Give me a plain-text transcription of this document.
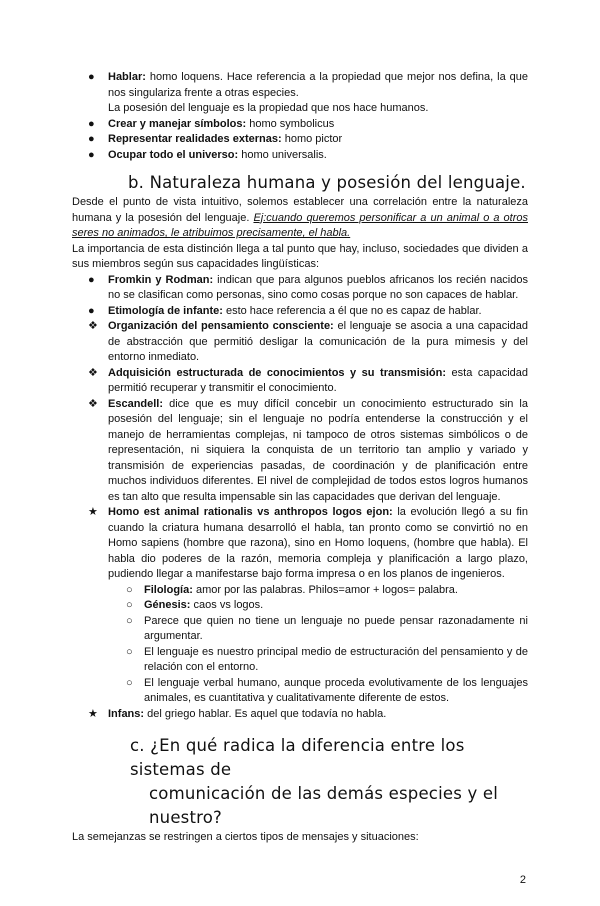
●	Hablar: homo loquens. Hace referencia a la propiedad que mejor nos defina, la que nos singulariza frente a otras especies.
La posesión del lenguaje es la propiedad que nos hace humanos.
●	Crear y manejar símbolos: homo symbolicus
●	Representar realidades externas: homo pictor
●	Ocupar todo el universo: homo universalis.
b. Naturaleza humana y posesión del lenguaje.
Desde el punto de vista intuitivo, solemos establecer una correlación entre la naturaleza humana y la posesión del lenguaje. Ej:cuando queremos personificar a un animal o a otros seres no animados, le atribuimos precisamente, el habla.
La importancia de esta distinción llega a tal punto que hay, incluso, sociedades que dividen a sus miembros según sus capacidades lingüísticas:
●	Fromkin y Rodman: indican que para algunos pueblos africanos los recién nacidos no se clasifican como personas, sino como cosas porque no son capaces de hablar.
●	Etimología de infante: esto hace referencia a él que no es capaz de hablar.
❖ Organización del pensamiento consciente: el lenguaje se asocia a una capacidad de abstracción que permitió desligar la comunicación de la pura mimesis y del entorno inmediato.
❖ Adquisición estructurada de conocimientos y su transmisión: esta capacidad permitió recuperar y transmitir el conocimiento.
❖ Escandell: dice que es muy difícil concebir un conocimiento estructurado sin la posesión del lenguaje; sin el lenguaje no podría entenderse la construcción y el manejo de herramientas complejas, ni tampoco de otros sistemas simbólicos o de representación, ni siquiera la conquista de un territorio tan amplio y variado y transmisión de experiencias pasadas, de coordinación y de planificación entre muchos individuos diferentes. El nivel de complejidad de todos estos logros humanos es tan alto que resulta impensable sin las capacidades que derivan del lenguaje.
★ Homo est animal rationalis vs anthropos logos ejon: la evolución llegó a su fin cuando la criatura humana desarrolló el habla, tan pronto como se convirtió no en Homo sapiens (hombre que razona), sino en Homo loquens, (hombre que habla). El habla dio poderes de la razón, memoria compleja y planificación a largo plazo, pudiendo llegar a manifestarse bajo forma impresa o en los planos de ingenieros.
○	Filología: amor por las palabras. Philos=amor + logos= palabra.
○	Génesis: caos vs logos.
○	Parece que quien no tiene un lenguaje no puede pensar razonadamente ni argumentar.
○	El lenguaje es nuestro principal medio de estructuración del pensamiento y de relación con el entorno.
○	El lenguaje verbal humano, aunque proceda evolutivamente de los lenguajes animales, es cuantitativa y cualitativamente diferente de estos.
★ Infans: del griego hablar. Es aquel que todavía no habla.
c. ¿En qué radica la diferencia entre los sistemas de
comunicación de las demás especies y el nuestro?
La semejanzas se restringen a ciertos tipos de mensajes y situaciones:
2
